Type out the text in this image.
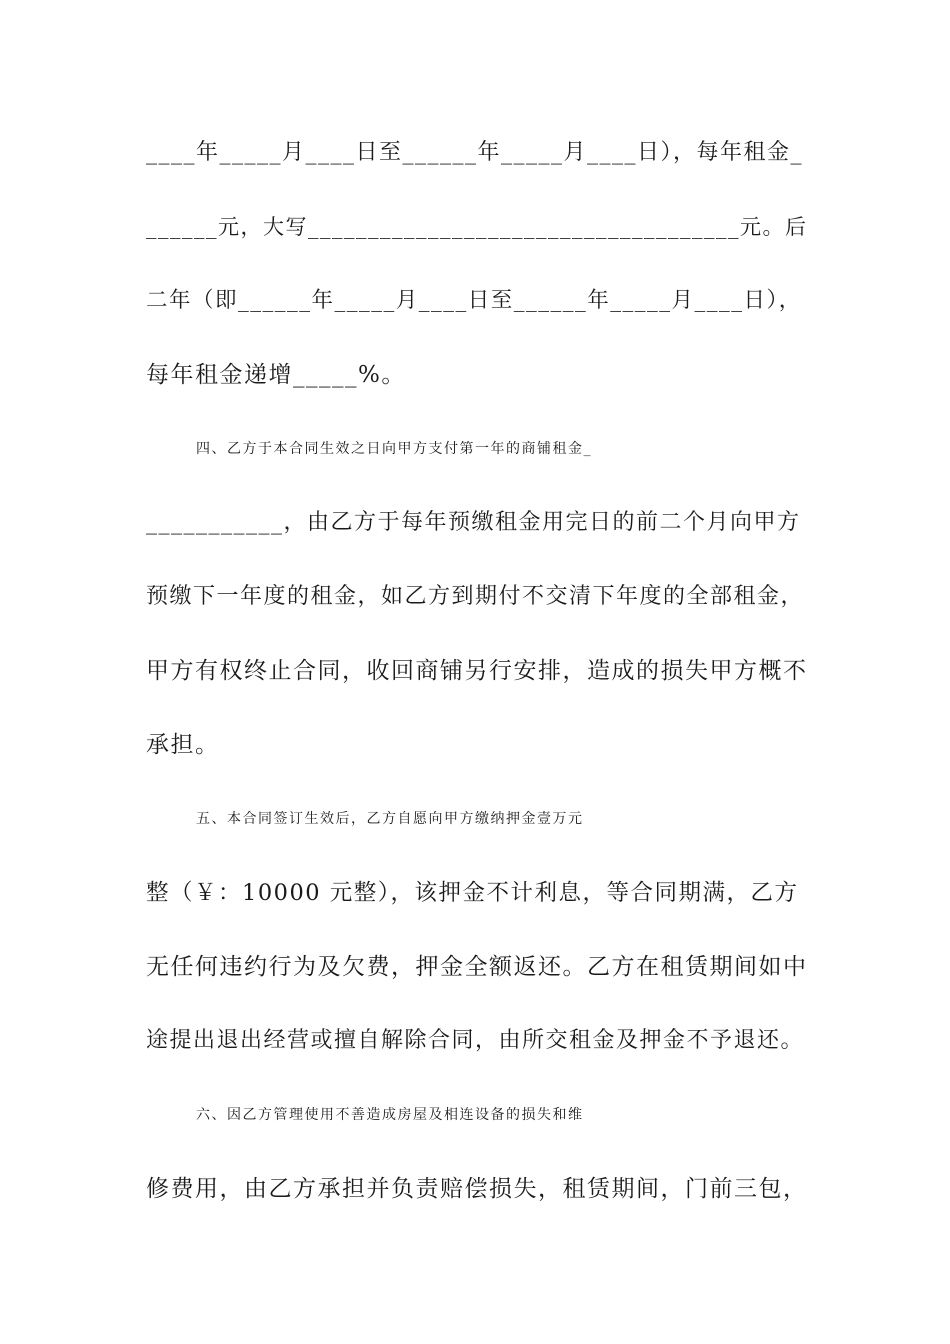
____年_____月____日至______年_____月____日），每年租金_
______元，大写____________________________________元。后
二年（即______年_____月____日至______年_____月____日），
每年租金递增_____%。
四、乙方于本合同生效之日向甲方支付第一年的商铺租金_
___________，由乙方于每年预缴租金用完日的前二个月向甲方
预缴下一年度的租金，如乙方到期付不交清下年度的全部租金，
甲方有权终止合同，收回商铺另行安排，造成的损失甲方概不
承担。
五、本合同签订生效后，乙方自愿向甲方缴纳押金壹万元
整（￥：10000 元整），该押金不计利息，等合同期满，乙方
无任何违约行为及欠费，押金全额返还。乙方在租赁期间如中
途提出退出经营或擅自解除合同，由所交租金及押金不予退还。
六、因乙方管理使用不善造成房屋及相连设备的损失和维
修费用，由乙方承担并负责赔偿损失，租赁期间，门前三包，
